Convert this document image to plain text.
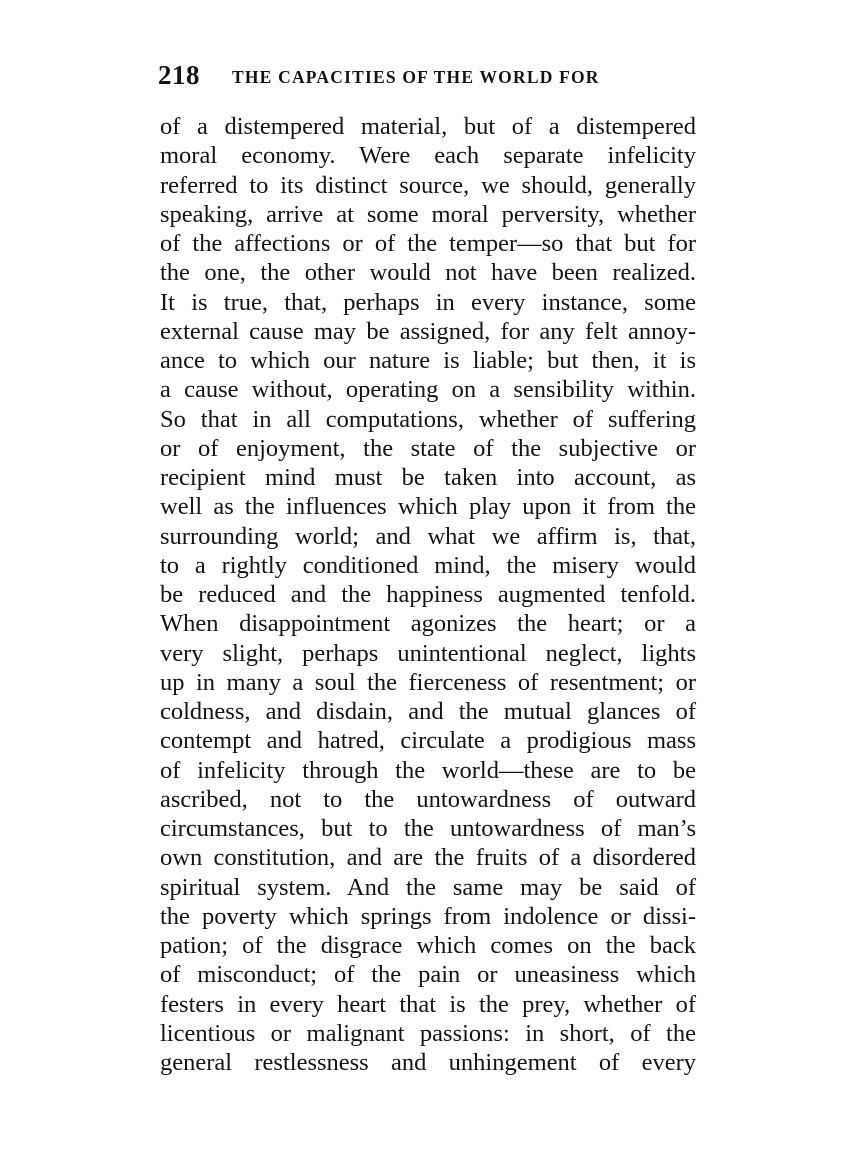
218 THE CAPACITIES OF THE WORLD FOR
of a distempered material, but of a distempered
moral economy. Were each separate infelicity
referred to its distinct source, we should, generally
speaking, arrive at some moral perversity, whether
of the affections or of the temper—so that but for
the one, the other would not have been realized.
It is true, that, perhaps in every instance, some
external cause may be assigned, for any felt annoy-
ance to which our nature is liable; but then, it is
a cause without, operating on a sensibility within.
So that in all computations, whether of suffering
or of enjoyment, the state of the subjective or
recipient mind must be taken into account, as
well as the influences which play upon it from the
surrounding world; and what we affirm is, that,
to a rightly conditioned mind, the misery would
be reduced and the happiness augmented tenfold.
When disappointment agonizes the heart; or a
very slight, perhaps unintentional neglect, lights
up in many a soul the fierceness of resentment; or
coldness, and disdain, and the mutual glances of
contempt and hatred, circulate a prodigious mass
of infelicity through the world—these are to be
ascribed, not to the untowardness of outward
circumstances, but to the untowardness of man’s
own constitution, and are the fruits of a disordered
spiritual system. And the same may be said of
the poverty which springs from indolence or dissi-
pation; of the disgrace which comes on the back
of misconduct; of the pain or uneasiness which
festers in every heart that is the prey, whether of
licentious or malignant passions: in short, of the
general restlessness and unhingement of every
